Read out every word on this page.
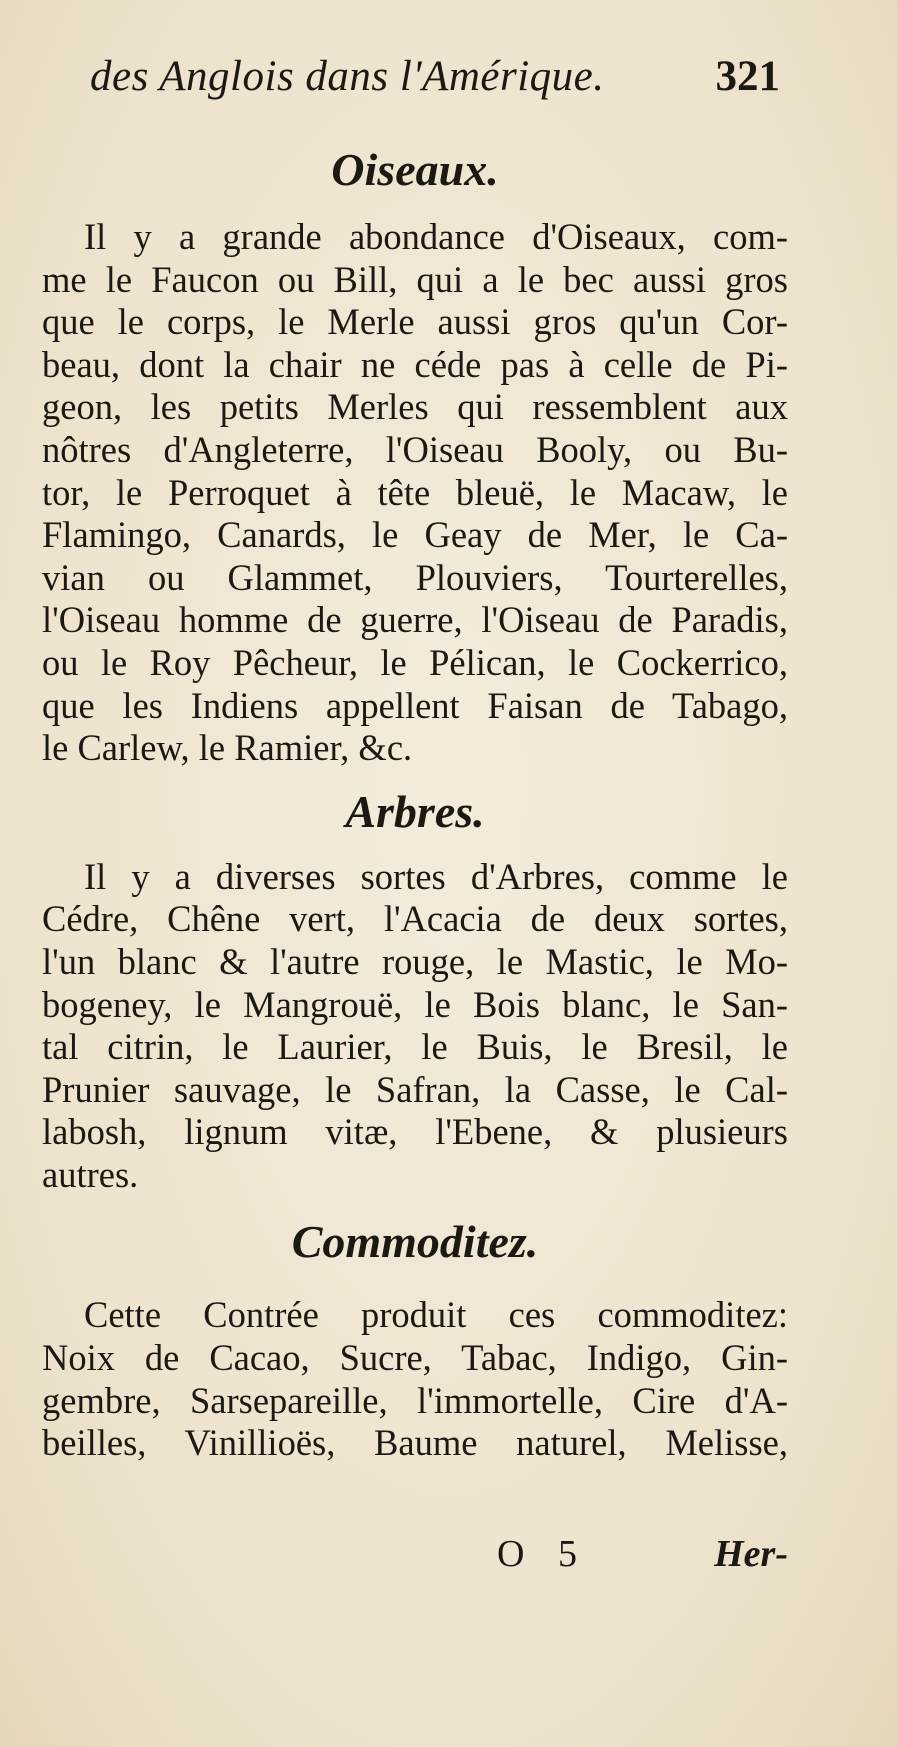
des Anglois dans l'Amérique.	321
Oiseaux.

Il y a grande abondance d'Oiseaux, com-
me le Faucon ou Bill, qui a le bec aussi gros
que le corps, le Merle aussi gros qu'un Cor-
beau, dont la chair ne céde pas à celle de Pi-
geon, les petits Merles qui ressemblent aux
nôtres d'Angleterre, l'Oiseau Booly, ou Bu-
tor, le Perroquet à tête bleuë, le Macaw, le
Flamingo, Canards, le Geay de Mer, le Ca-
vian ou Glammet, Plouviers, Tourterelles,
l'Oiseau homme de guerre, l'Oiseau de Paradis,
ou le Roy Pêcheur, le Pélican, le Cockerrico,
que les Indiens appellent Faisan de Tabago,
le Carlew, le Ramier, &c.

Arbres.

Il y a diverses sortes d'Arbres, comme le
Cédre, Chêne vert, l'Acacia de deux sortes,
l'un blanc & l'autre rouge, le Mastic, le Mo-
bogeney, le Mangrouë, le Bois blanc, le San-
tal citrin, le Laurier, le Buis, le Bresil, le
Prunier sauvage, le Safran, la Casse, le Cal-
labosh, lignum vitæ, l'Ebene, & plusieurs
autres.

Commoditez.

Cette Contrée produit ces commoditez:
Noix de Cacao, Sucre, Tabac, Indigo, Gin-
gembre, Sarsepareille, l'immortelle, Cire d'A-
beilles, Vinillioës, Baume naturel, Melisse,

O 5	Her-
